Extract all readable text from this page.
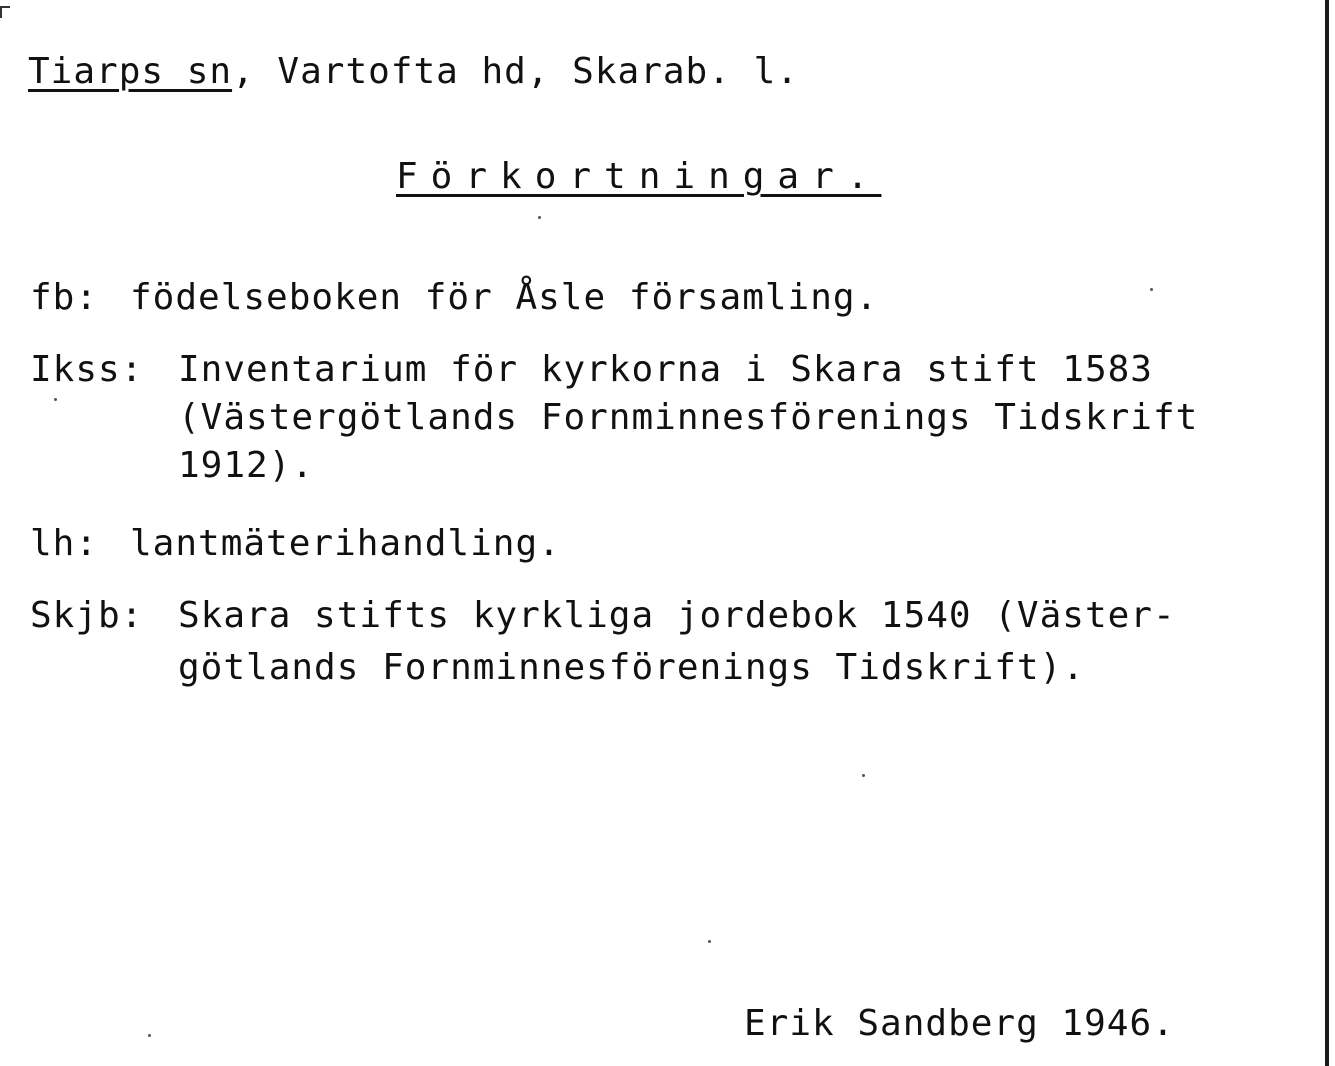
Tiarps sn, Vartofta hd, Skarab. l.
Förkortningar.
fb: födelseboken för Åsle församling.
Ikss: Inventarium för kyrkorna i Skara stift 1583
(Västergötlands Fornminnesförenings Tidskrift
1912).
lh: lantmäterihandling.
Skjb: Skara stifts kyrkliga jordebok 1540 (Väster-
götlands Fornminnesförenings Tidskrift).
Erik Sandberg 1946.
